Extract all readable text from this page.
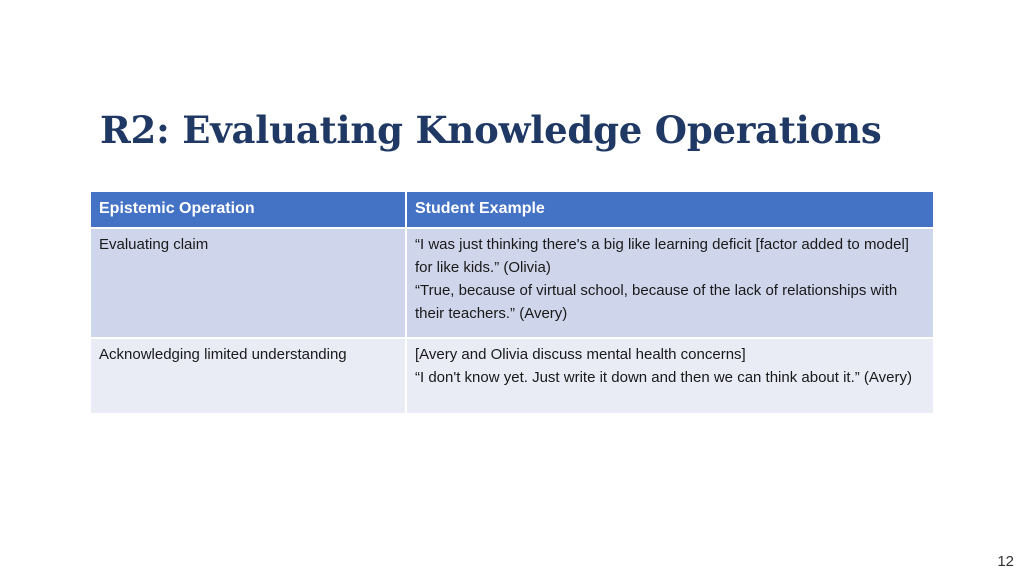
R2: Evaluating Knowledge Operations
Epistemic Operation	Student Example
Evaluating claim	“I was just thinking there's a big like learning deficit [factor added to model] for like kids.” (Olivia)
“True, because of virtual school, because of the lack of relationships with their teachers.” (Avery)

Acknowledging limited understanding	[Avery and Olivia discuss mental health concerns]
“I don't know yet. Just write it down and then we can think about it.” (Avery)
12
